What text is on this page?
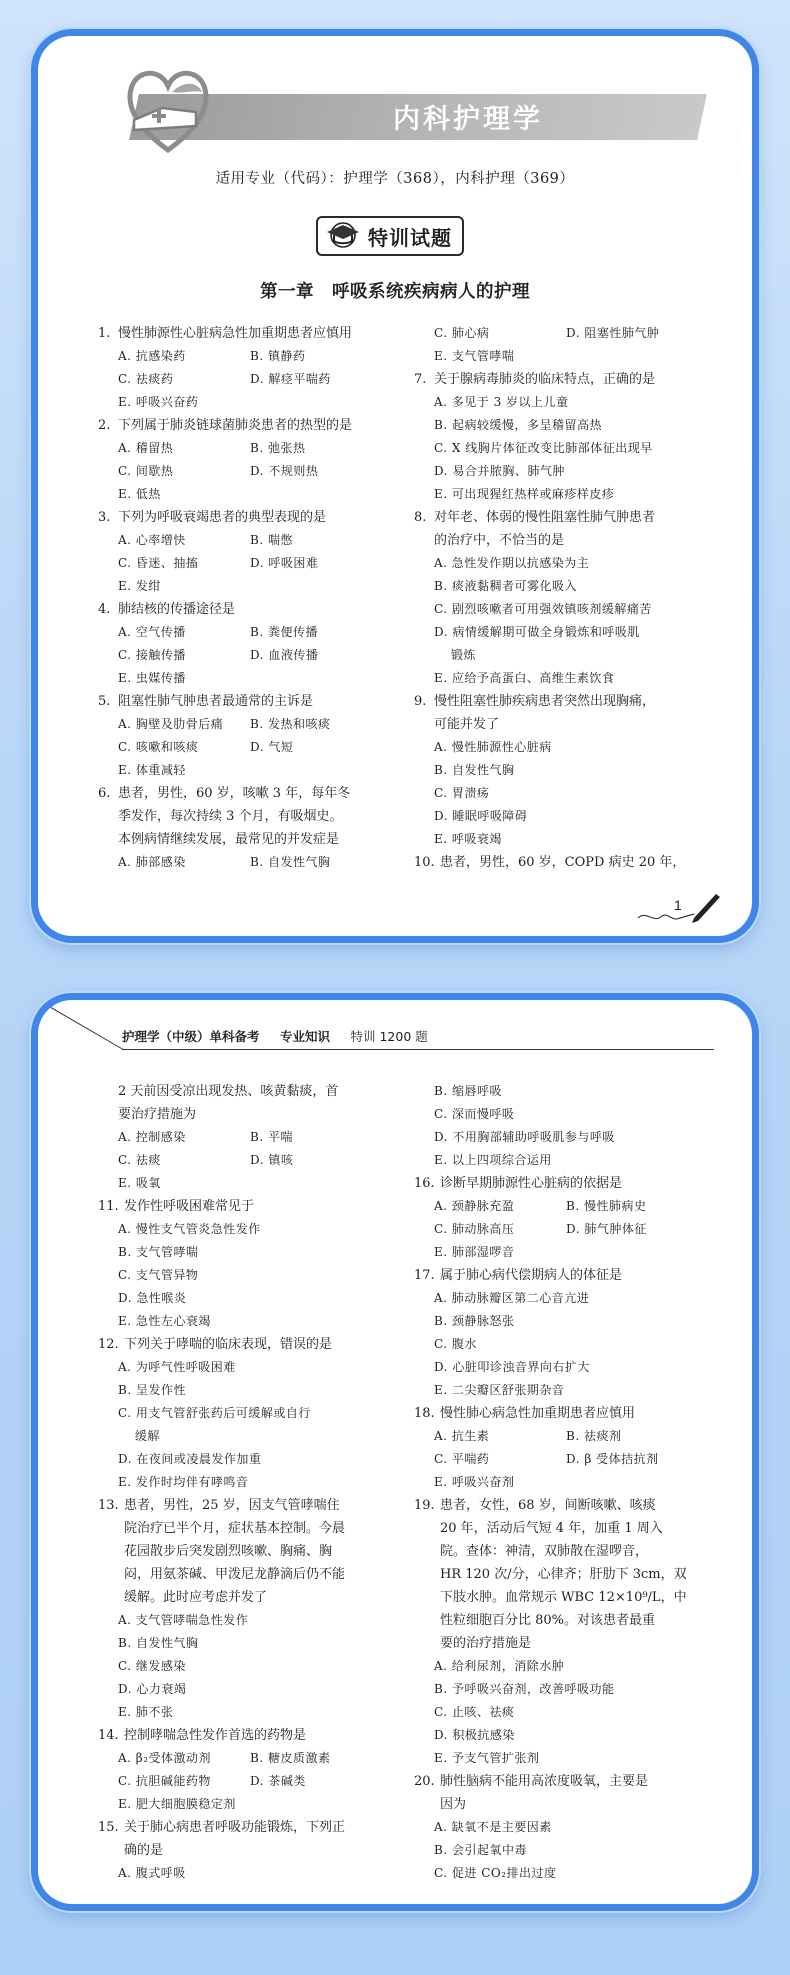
内科护理学
适用专业（代码）：护理学（368），内科护理（369）
特训试题
第一章　呼吸系统疾病病人的护理
1. 慢性肺源性心脏病急性加重期患者应慎用
A. 抗感染药	B. 镇静药
C. 祛痰药	D. 解痉平喘药
E. 呼吸兴奋药
2. 下列属于肺炎链球菌肺炎患者的热型的是
A. 稽留热	B. 弛张热
C. 间歇热	D. 不规则热
E. 低热
3. 下列为呼吸衰竭患者的典型表现的是
A. 心率增快	B. 喘憋
C. 昏迷、抽搐	D. 呼吸困难
E. 发绀
4. 肺结核的传播途径是
A. 空气传播	B. 粪便传播
C. 接触传播	D. 血液传播
E. 虫媒传播
5. 阻塞性肺气肿患者最通常的主诉是
A. 胸壁及肋骨后痛	B. 发热和咳痰
C. 咳嗽和咳痰	D. 气短
E. 体重减轻
6. 患者，男性，60 岁，咳嗽 3 年，每年冬
季发作，每次持续 3 个月，有吸烟史。
本例病情继续发展，最常见的并发症是
A. 肺部感染	B. 自发性气胸
C. 肺心病	D. 阻塞性肺气肿
E. 支气管哮喘
7. 关于腺病毒肺炎的临床特点，正确的是
A. 多见于 3 岁以上儿童
B. 起病较缓慢，多呈稽留高热
C. X 线胸片体征改变比肺部体征出现早
D. 易合并脓胸、肺气肿
E. 可出现猩红热样或麻疹样皮疹
8. 对年老、体弱的慢性阻塞性肺气肿患者
的治疗中，不恰当的是
A. 急性发作期以抗感染为主
B. 痰液黏稠者可雾化吸入
C. 剧烈咳嗽者可用强效镇咳剂缓解痛苦
D. 病情缓解期可做全身锻炼和呼吸肌
　 锻炼
E. 应给予高蛋白、高维生素饮食
9. 慢性阻塞性肺疾病患者突然出现胸痛，
可能并发了
A. 慢性肺源性心脏病
B. 自发性气胸
C. 胃溃疡
D. 睡眠呼吸障碍
E. 呼吸衰竭
10. 患者，男性，60 岁，COPD 病史 20 年，
1
护理学（中级）单科备考 　 专业知识 　 特训 1200 题
2 天前因受凉出现发热、咳黄黏痰，首
要治疗措施为
A. 控制感染	B. 平喘
C. 祛痰	D. 镇咳
E. 吸氧
11. 发作性呼吸困难常见于
A. 慢性支气管炎急性发作
B. 支气管哮喘
C. 支气管异物
D. 急性喉炎
E. 急性左心衰竭
12. 下列关于哮喘的临床表现，错误的是
A. 为呼气性呼吸困难
B. 呈发作性
C. 用支气管舒张药后可缓解或自行
　 缓解
D. 在夜间或凌晨发作加重
E. 发作时均伴有哮鸣音
13. 患者，男性，25 岁，因支气管哮喘住
院治疗已半个月，症状基本控制。今晨
花园散步后突发剧烈咳嗽、胸痛、胸
闷，用氨茶碱、甲泼尼龙静滴后仍不能
缓解。此时应考虑并发了
A. 支气管哮喘急性发作
B. 自发性气胸
C. 继发感染
D. 心力衰竭
E. 肺不张
14. 控制哮喘急性发作首选的药物是
A. β₂受体激动剂	B. 糖皮质激素
C. 抗胆碱能药物	D. 茶碱类
E. 肥大细胞膜稳定剂
15. 关于肺心病患者呼吸功能锻炼，下列正
确的是
A. 腹式呼吸
B. 缩唇呼吸
C. 深而慢呼吸
D. 不用胸部辅助呼吸肌参与呼吸
E. 以上四项综合运用
16. 诊断早期肺源性心脏病的依据是
A. 颈静脉充盈	B. 慢性肺病史
C. 肺动脉高压	D. 肺气肿体征
E. 肺部湿啰音
17. 属于肺心病代偿期病人的体征是
A. 肺动脉瓣区第二心音亢进
B. 颈静脉怒张
C. 腹水
D. 心脏叩诊浊音界向右扩大
E. 二尖瓣区舒张期杂音
18. 慢性肺心病急性加重期患者应慎用
A. 抗生素	B. 祛痰剂
C. 平喘药	D. β 受体拮抗剂
E. 呼吸兴奋剂
19. 患者，女性，68 岁，间断咳嗽、咳痰
20 年，活动后气短 4 年，加重 1 周入
院。查体：神清，双肺散在湿啰音，
HR 120 次/分，心律齐；肝肋下 3cm，双
下肢水肿。血常规示 WBC 12×10⁹/L，中
性粒细胞百分比 80%。对该患者最重
要的治疗措施是
A. 给利尿剂，消除水肿
B. 予呼吸兴奋剂，改善呼吸功能
C. 止咳、祛痰
D. 积极抗感染
E. 予支气管扩张剂
20. 肺性脑病不能用高浓度吸氧，主要是
因为
A. 缺氧不是主要因素
B. 会引起氧中毒
C. 促进 CO₂排出过度
